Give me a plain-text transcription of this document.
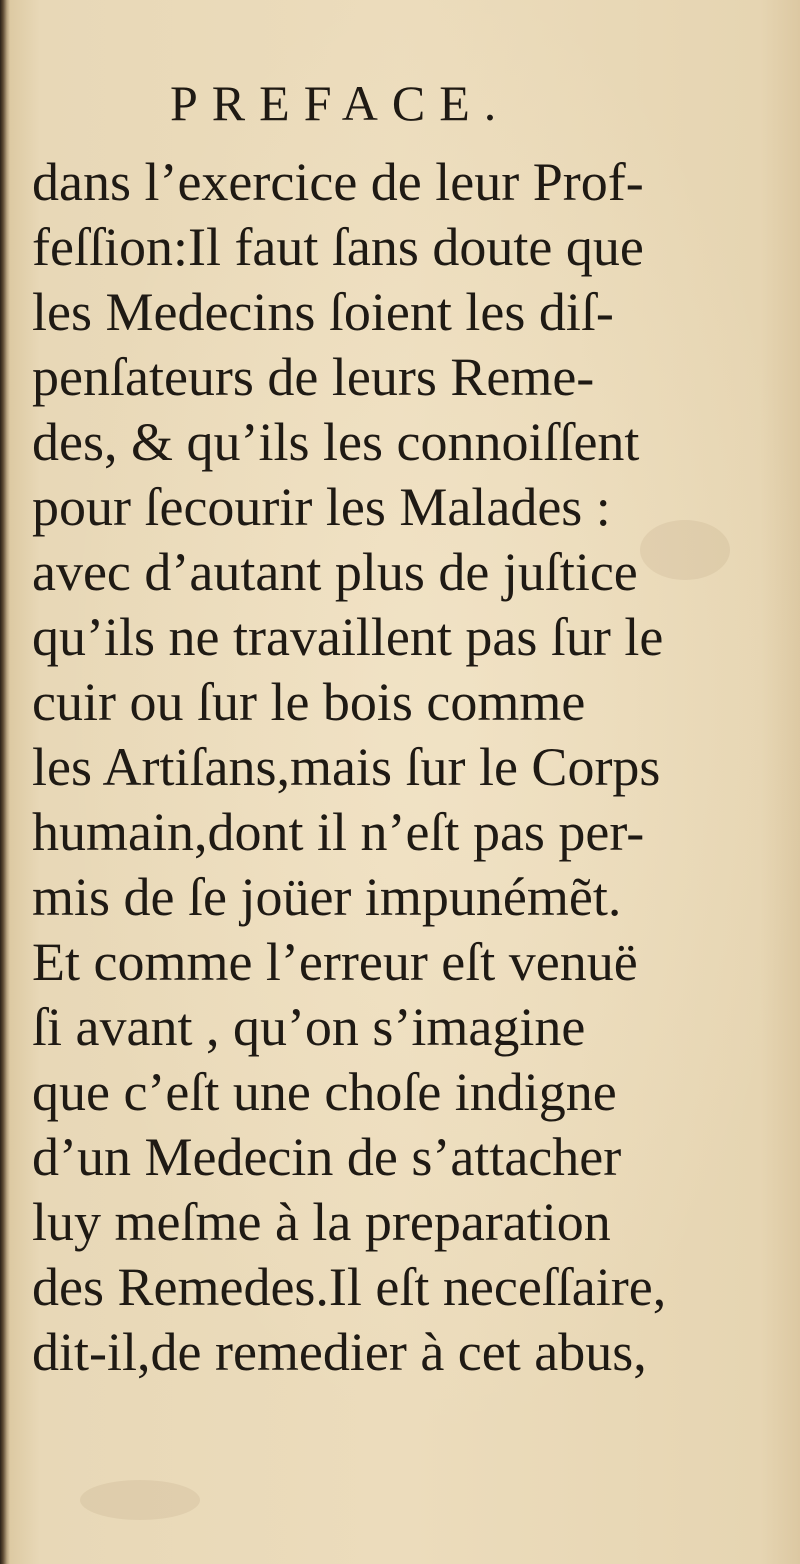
PREFACE.
dans l’exercice de leur Prof-
feſſion:Il faut ſans doute que
les Medecins ſoient les diſ-
penſateurs de leurs Reme-
des, & qu’ils les connoiſſent
pour ſecourir les Malades :
avec d’autant plus de juſtice
qu’ils ne travaillent pas ſur le
cuir ou ſur le bois comme
les Artiſans,mais ſur le Corps
humain,dont il n’eſt pas per-
mis de ſe joüer impunémẽt.
Et comme l’erreur eſt venuë
ſi avant , qu’on s’imagine
que c’eſt une choſe indigne
d’un Medecin de s’attacher
luy meſme à la preparation
des Remedes.Il eſt neceſſaire,
dit-il,de remedier à cet abus,
